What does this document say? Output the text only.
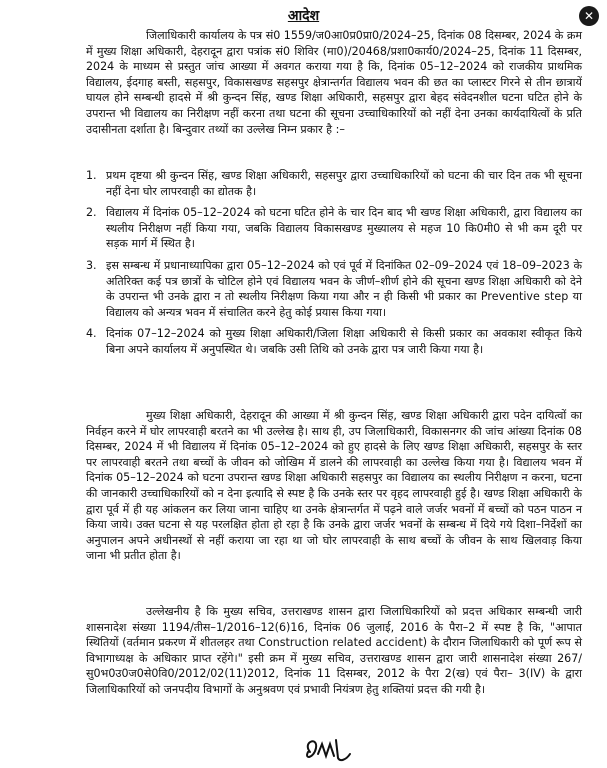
✕
आदेश

जिलाधिकारी कार्यालय के पत्र सं0 1559/ज0आ0प्र0प्रा0/2024–25, दिनांक 08 दिसम्बर, 2024 के क्रम में मुख्य शिक्षा अधिकारी, देहरादून द्वारा पत्रांक सं0 शिविर (मा0)/20468/प्रशा0कार्य0/2024–25, दिनांक 11 दिसम्बर, 2024 के माध्यम से प्रस्तुत जांच आख्या में अवगत कराया गया है कि, दिनांक 05–12–2024 को राजकीय प्राथमिक विद्यालय, ईदगाह बस्ती, सहसपुर, विकासखण्ड सहसपुर क्षेत्रान्तर्गत विद्यालय भवन की छत का प्लास्टर गिरने से तीन छात्रायें घायल होने सम्बन्धी हादसे में श्री कुन्दन सिंह, खण्ड शिक्षा अधिकारी, सहसपुर द्वारा बेहद संवेदनशील घटना घटित होने के उपरान्त भी विद्यालय का निरीक्षण नहीं करना तथा घटना की सूचना उच्चाधिकारियों को नहीं देना उनका कार्यदायित्वों के प्रति उदासीनता दर्शाता है। बिन्दुवार तथ्यों का उल्लेख निम्न प्रकार है :–

1. प्रथम दृष्टया श्री कुन्दन सिंह, खण्ड शिक्षा अधिकारी, सहसपुर द्वारा उच्चाधिकारियों को घटना की चार दिन तक भी सूचना नहीं देना घोर लापरवाही का द्योतक है।

2. विद्यालय में दिनांक 05–12–2024 को घटना घटित होने के चार दिन बाद भी खण्ड शिक्षा अधिकारी, द्वारा विद्यालय का स्थलीय निरीक्षण नहीं किया गया, जबकि विद्यालय विकासखण्ड मुख्यालय से महज 10 कि0मी0 से भी कम दूरी पर सड़क मार्ग में स्थित है।

3. इस सम्बन्ध में प्रधानाध्यापिका द्वारा 05–12–2024 को एवं पूर्व में दिनांकित 02–09–2024 एवं 18–09–2023 के अतिरिक्त कई पत्र छात्रों के चोटिल होने एवं विद्यालय भवन के जीर्ण–शीर्ण होने की सूचना खण्ड शिक्षा अधिकारी को देने के उपरान्त भी उनके द्वारा न तो स्थलीय निरीक्षण किया गया और न ही किसी भी प्रकार का Preventive step या विद्यालय को अन्यत्र भवन में संचालित करने हेतु कोई प्रयास किया गया।

4. दिनांक 07–12–2024 को मुख्य शिक्षा अधिकारी/जिला शिक्षा अधिकारी से किसी प्रकार का अवकाश स्वीकृत किये बिना अपने कार्यालय में अनुपस्थित थे। जबकि उसी तिथि को उनके द्वारा पत्र जारी किया गया है।

मुख्य शिक्षा अधिकारी, देहरादून की आख्या में श्री कुन्दन सिंह, खण्ड शिक्षा अधिकारी द्वारा पदेन दायित्वों का निर्वहन करने में घोर लापरवाही बरतने का भी उल्लेख है। साथ ही, उप जिलाधिकारी, विकासनगर की जांच आंख्या दिनांक 08 दिसम्बर, 2024 में भी विद्यालय में दिनांक 05–12–2024 को हुए हादसे के लिए खण्ड शिक्षा अधिकारी, सहसपुर के स्तर पर लापरवाही बरतने तथा बच्चों के जीवन को जोखिम में डालने की लापरवाही का उल्लेख किया गया है। विद्यालय भवन में दिनांक 05–12–2024 को घटना उपरान्त खण्ड शिक्षा अधिकारी सहसपुर का विद्यालय का स्थलीय निरीक्षण न करना, घटना की जानकारी उच्चाधिकारियों को न देना इत्यादि से स्पष्ट है कि उनके स्तर पर वृहद लापरवाही हुई है। खण्ड शिक्षा अधिकारी के द्वारा पूर्व में ही यह आंकलन कर लिया जाना चाहिए था उनके क्षेत्रान्तर्गत में पढ़ने वाले जर्जर भवनों में बच्चों को पठन पाठन न किया जाये। उक्त घटना से यह परलक्षित होता हो रहा है कि उनके द्वारा जर्जर भवनों के सम्बन्ध में दिये गये दिशा–निर्देशों का अनुपालन अपने अधीनस्थों से नहीं कराया जा रहा था जो घोर लापरवाही के साथ बच्चों के जीवन के साथ खिलवाड़ किया जाना भी प्रतीत होता है।

उल्लेखनीय है कि मुख्य सचिव, उत्तराखण्ड शासन द्वारा जिलाधिकारियों को प्रदत्त अधिकार सम्बन्धी जारी शासनादेश संख्या 1194/तीस–1/2016–12(6)16, दिनांक 06 जुलाई, 2016 के पैरा–2 में स्पष्ट है कि, "आपात स्थितियों (वर्तमान प्रकरण में शीतलहर तथा Construction related accident) के दौरान जिलाधिकारी को पूर्ण रूप से विभागाध्यक्ष के अधिकार प्राप्त रहेंगे।" इसी क्रम में मुख्य सचिव, उत्तराखण्ड शासन द्वारा जारी शासनादेश संख्या 267/सु0भ0उ0ज0से0वि0/2012/02(11)2012, दिनांक 11 दिसम्बर, 2012 के पैरा 2(ख) एवं पैरा– 3(IV) के द्वारा जिलाधिकारियों को जनपदीय विभागों के अनुश्रवण एवं प्रभावी नियंत्रण हेतु शक्तियां प्रदत्त की गयी है।
